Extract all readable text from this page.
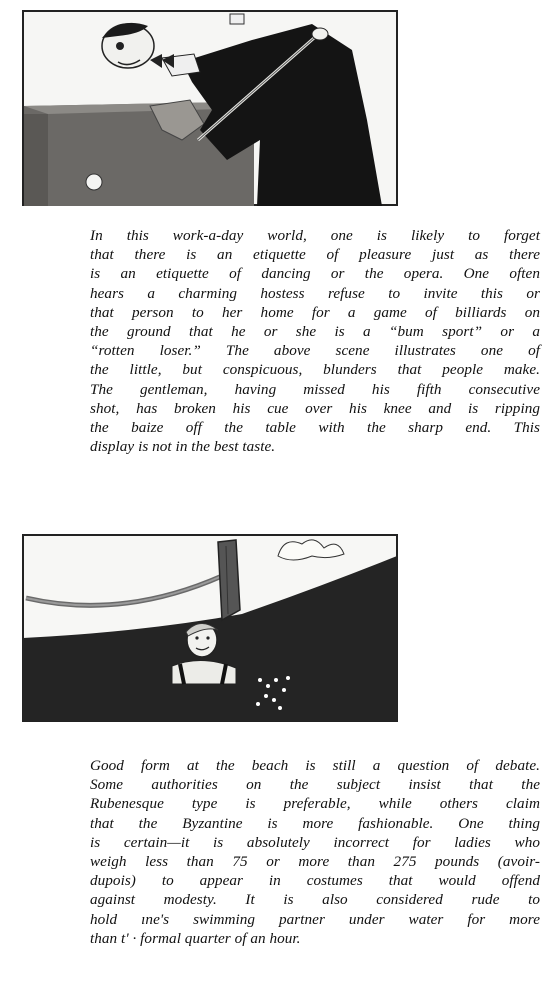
In this work-a-day world, one is likely to forget
that there is an etiquette of pleasure just as there
is an etiquette of dancing or the opera. One often
hears a charming hostess refuse to invite this or
that person to her home for a game of billiards on
the ground that he or she is a “bum sport” or a
“rotten loser.” The above scene illustrates one of
the little, but conspicuous, blunders that people make.
The gentleman, having missed his fifth consecutive
shot, has broken his cue over his knee and is ripping
the baize off the table with the sharp end. This
display is not in the best taste.
Good form at the beach is still a question of debate.
Some authorities on the subject insist that the
Rubenesque type is preferable, while others claim
that the Byzantine is more fashionable. One thing
is certain—it is absolutely incorrect for ladies who
weigh less than 75 or more than 275 pounds (avoir-
dupois) to appear in costumes that would offend
against modesty. It is also considered rude to
hold ıne's swimming partner under water for more
than t' · formal quarter of an hour.
